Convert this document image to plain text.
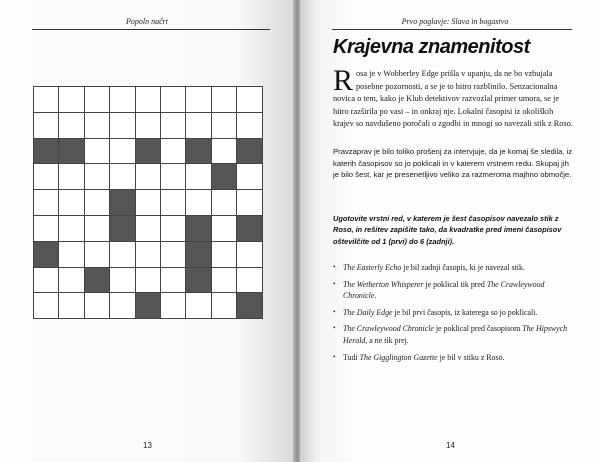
Popoln načrt

13
Prvo poglavje: Slava in bogastvo
Krajevna znamenitost

Rosa je v Wobberley Edge prišla v upanju, da ne bo vzbujala posebne pozornosti, a se je to hitro razblinilo. Senzacionalna novica o tem, kako je Klub detektivov razvozlal primer umora, se je hitro razširila po vasi – in onkraj nje. Lokalni časopisi iz okoliških krajev so navdušeno poročali o zgodbi in mnogi so navezali stik z Roso.

Pravzaprav je bilo toliko prošenj za intervjuje, da je komaj še sledila, iz katerih časopisov so jo poklicali in v katerem vrstnem redu. Skupaj jih je bilo šest, kar je presenetljivo veliko za razmeroma majhno območje.

Ugotovite vrstni red, v katerem je šest časopisov navezalo stik z Roso, in rešitev zapišite tako, da kvadratke pred imeni časopisov oštevilčite od 1 (prvi) do 6 (zadnji).

• The Easterly Echo je bil zadnji časopis, ki je navezal stik.
• The Wetherton Whisperer je poklical tik pred The Crawleywood Chronicle.
• The Daily Edge je bil prvi časopis, iz katerega so jo poklicali.
• The Crawleywood Chronicle je poklical pred časopisom The Hipswych Herald, a ne tik prej.
• Tudi The Gigglington Gazette je bil v stiku z Roso.
14
